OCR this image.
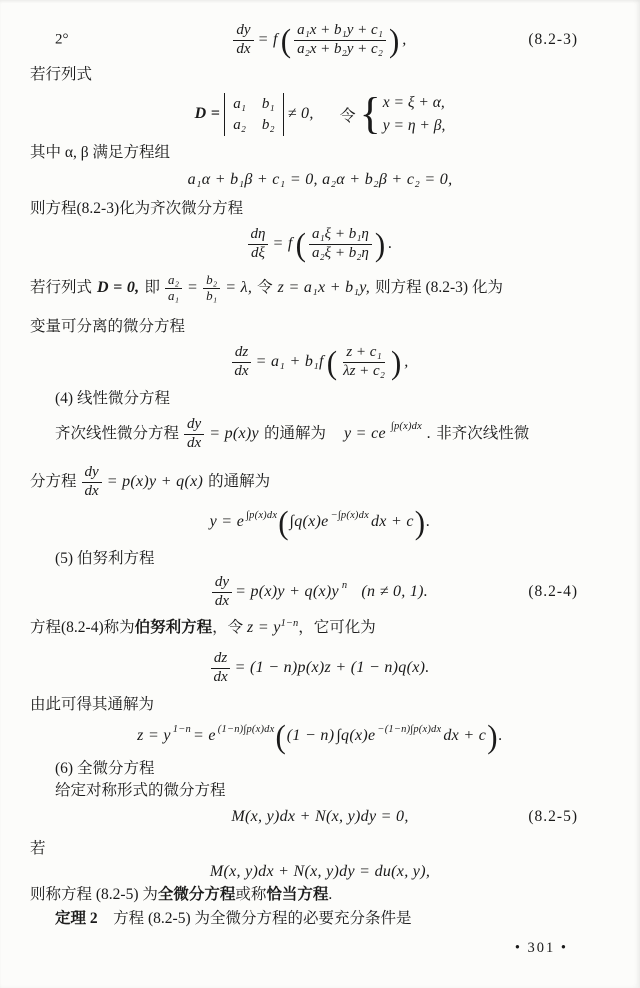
2°	$\frac{dy}{dx} = f$ ( $\frac{\text{a₁x + b₁y + c₁}}{\text{a₂x + b₂y + c₂}}$ ) ,	(8.2-3)
若行列式
D =
a₁ b₁
a₂ b₂
≠ 0, 令 { x = ξ + α,
y = η + β,
其中 α, β 满足方程组
a₁α + b₁β + c₁ = 0, a₂α + b₂β + c₂ = 0,
则方程(8.2-3)化为齐次微分方程
$\frac{d\eta}{d\xi} = f$ ( $\frac{\text{a₁ξ + b₁η}}{\text{a₂ξ + b₂η}}$ ) .
若行列式 D = 0, 即 $\frac{\text{a₂}}{\text{a₁}} = \frac{\text{b₂}}{\text{b₁}} = \lambda$, 令 z = a₁x + b₁y, 则方程 (8.2-3) 化为
变量可分离的微分方程
$\frac{dz}{dx} = a_1 + b_1f$ ( $\frac{\text{z + c₁}}{\text{λz + c₂}}$ ) ,
(4) 线性微分方程
齐次线性微分方程 $\frac{dy}{dx} = p(x)y$ 的通解为 y = ce ∫p(x)dx . 非齐次线性微
分方程 $\frac{dy}{dx} = p(x)y + q(x)$ 的通解为
y = e ∫p(x)dx ( ∫q(x)e −∫p(x)dx dx + c ) .
(5) 伯努利方程
$\frac{dy}{dx} = p(x)y + q(x)y$ n (n ≠ 0, 1).	(8.2-4)
方程(8.2-4)称为伯努利方程，令 $z = y^{1-n}$，它可化为
$\frac{dz}{dx} = (1 - n)p(x)z + (1 - n)q(x)$.
由此可得其通解为
z = y 1−n = e (1−n)∫p(x)dx ( (1 − n) ∫q(x)e −(1−n)∫p(x)dx dx + c ) .
(6) 全微分方程
给定对称形式的微分方程
M(x, y)dx + N(x, y)dy = 0,	(8.2-5)
若
M(x, y)dx + N(x, y)dy = du(x, y),
则称方程 (8.2-5) 为全微分方程或称恰当方程.
定理 2　方程 (8.2-5) 为全微分方程的必要充分条件是
• 301 •
